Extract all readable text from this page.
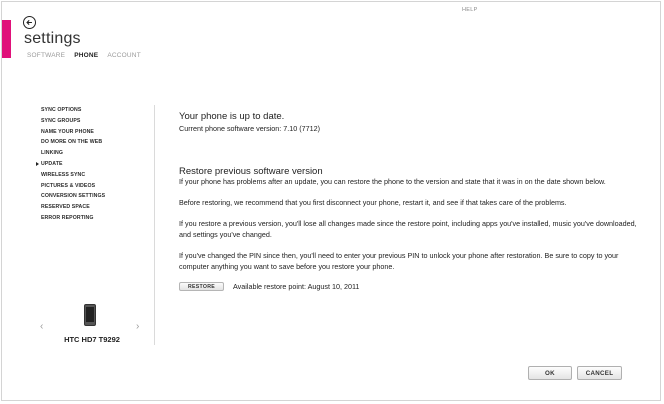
HELP
settings
SOFTWARE PHONE ACCOUNT
SYNC OPTIONS
SYNC GROUPS
NAME YOUR PHONE
DO MORE ON THE WEB
LINKING
UPDATE
WIRELESS SYNC
PICTURES & VIDEOS
CONVERSION SETTINGS
RESERVED SPACE
ERROR REPORTING
‹	›
HTC HD7 T9292
Your phone is up to date.
Current phone software version: 7.10 (7712)
Restore previous software version

If your phone has problems after an update, you can restore the phone to the version and state that it was in on the date shown below.

Before restoring, we recommend that you first disconnect your phone, restart it, and see if that takes care of the problems.

If you restore a previous version, you'll lose all changes made since the restore point, including apps you've installed, music you've downloaded, and settings you've changed.

If you've changed the PIN since then, you'll need to enter your previous PIN to unlock your phone after restoration. Be sure to copy to your computer anything you want to save before you restore your phone.

RESTORE	Available restore point: August 10, 2011
OK	CANCEL
